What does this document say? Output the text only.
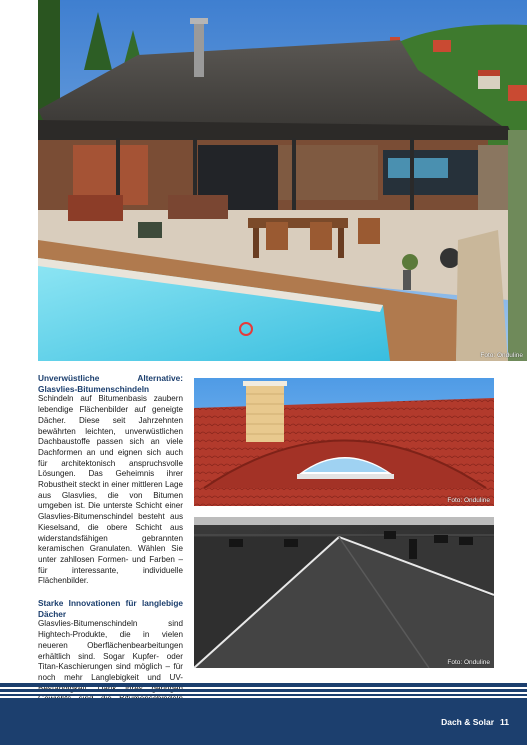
Foto: Onduline
Unverwüstliche Alternative: Glasvlies-Bitumenschindeln

Schindeln auf Bitumenbasis zaubern lebendige Flächenbilder auf geneigte Dächer. Diese seit Jahrzehnten bewährten leichten, unverwüstlichen Dachbaustoffe passen sich an viele Dachformen an und eignen sich auch für architektonisch anspruchsvolle Lösungen. Das Geheimnis ihrer Robustheit steckt in einer mittleren Lage aus Glasvlies, die von Bitumen umgeben ist. Die unterste Schicht einer Glasvlies-Bitumenschindel besteht aus Kieselsand, die obere Schicht aus widerstandsfähigen gebrannten keramischen Granulaten. Wählen Sie unter zahllosen Formen- und Farben – für interessante, individuelle Flächenbilder.

Starke Innovationen für langlebige Dächer

Glasvlies-Bitumenschindeln sind Hightech-Produkte, die in vielen neueren Oberflächenbearbeitungen erhältlich sind. Sogar Kupfer- oder Titan-Kaschierungen sind möglich – für noch mehr Langlebigkeit und UV-

Foto: Onduline
Foto: Onduline
Dach & Solar 11
